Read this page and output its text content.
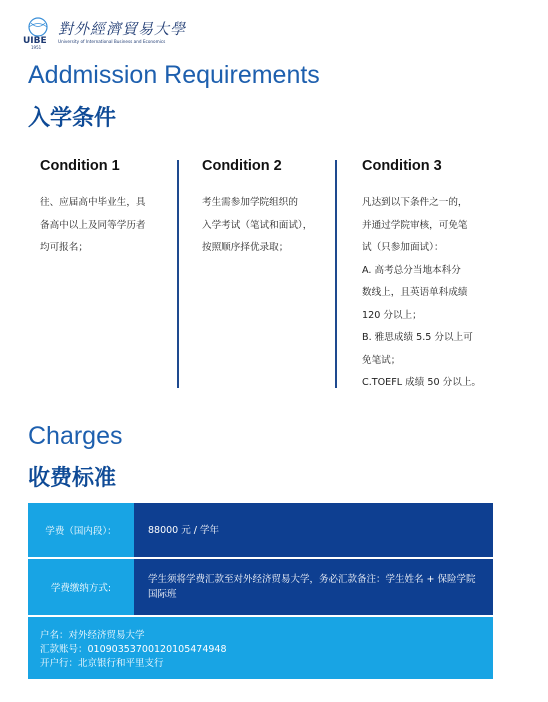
UIBE
對外經濟貿易大學
University of International Business and Economics
1951
Addmission Requirements
入学条件
Condition 1

往、应届高中毕业生，具
备高中以上及同等学历者
均可报名；

Condition 2

考生需参加学院组织的
入学考试（笔试和面试），
按照顺序择优录取；

Condition 3

凡达到以下条件之一的，
并通过学院审核，可免笔
试（只参加面试）：
A. 高考总分当地本科分
数线上，且英语单科成绩
120 分以上；
B. 雅思成绩 5.5 分以上可
免笔试；
C.TOEFL 成绩 50 分以上。

Charges
收费标准
学费（国内段）：	88000 元 / 学年
学费缴纳方式:
学生须将学费汇款至对外经济贸易大学，务必汇款备注：学生姓名 + 保险学院国际班
户名：对外经济贸易大学
汇款账号：0109035370012010547494​8
开户行：北京银行和平里支行
